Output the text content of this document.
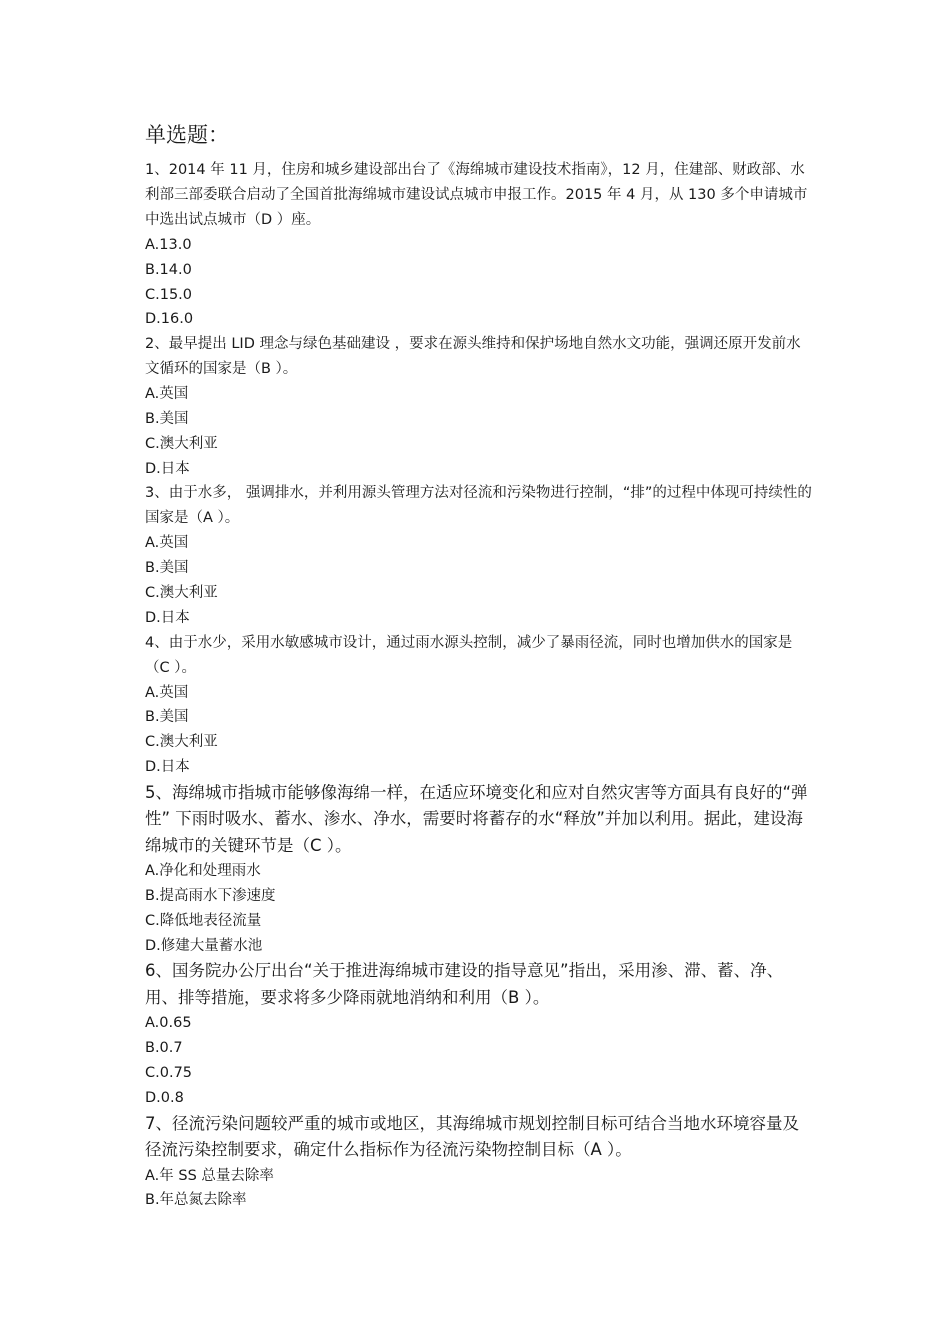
单选题：

1、2014 年 11 月，住房和城乡建设部出台了《海绵城市建设技术指南》，12 月，住建部、财政部、水利部三部委联合启动了全国首批海绵城市建设试点城市申报工作。2015 年 4 月，从 130 多个申请城市中选出试点城市（D ）座。

A.13.0

B.14.0

C.15.0

D.16.0

2、最早提出 LID 理念与绿色基础建设 ，要求在源头维持和保护场地自然水文功能，强调还原开发前水文循环的国家是（B ）。

A.英国

B.美国

C.澳大利亚

D.日本

3、由于水多， 强调排水，并利用源头管理方法对径流和污染物进行控制，“排”的过程中体现可持续性的国家是（A ）。

A.英国

B.美国

C.澳大利亚

D.日本

4、由于水少，采用水敏感城市设计，通过雨水源头控制，减少了暴雨径流，同时也增加供水的国家是（C ）。

A.英国

B.美国

C.澳大利亚

D.日本

5、海绵城市指城市能够像海绵一样，在适应环境变化和应对自然灾害等方面具有良好的“弹性” 下雨时吸水、蓄水、渗水、净水，需要时将蓄存的水“释放”并加以利用。据此，建设海绵城市的关键环节是（C ）。

A.净化和处理雨水

B.提高雨水下渗速度

C.降低地表径流量

D.修建大量蓄水池

6、国务院办公厅出台“关于推进海绵城市建设的指导意见”指出，采用渗、滞、蓄、净、用、排等措施，要求将多少降雨就地消纳和利用（B ）。

A.0.65

B.0.7

C.0.75

D.0.8

7、径流污染问题较严重的城市或地区，其海绵城市规划控制目标可结合当地水环境容量及径流污染控制要求，确定什么指标作为径流污染物控制目标（A ）。

A.年 SS 总量去除率

B.年总氮去除率
